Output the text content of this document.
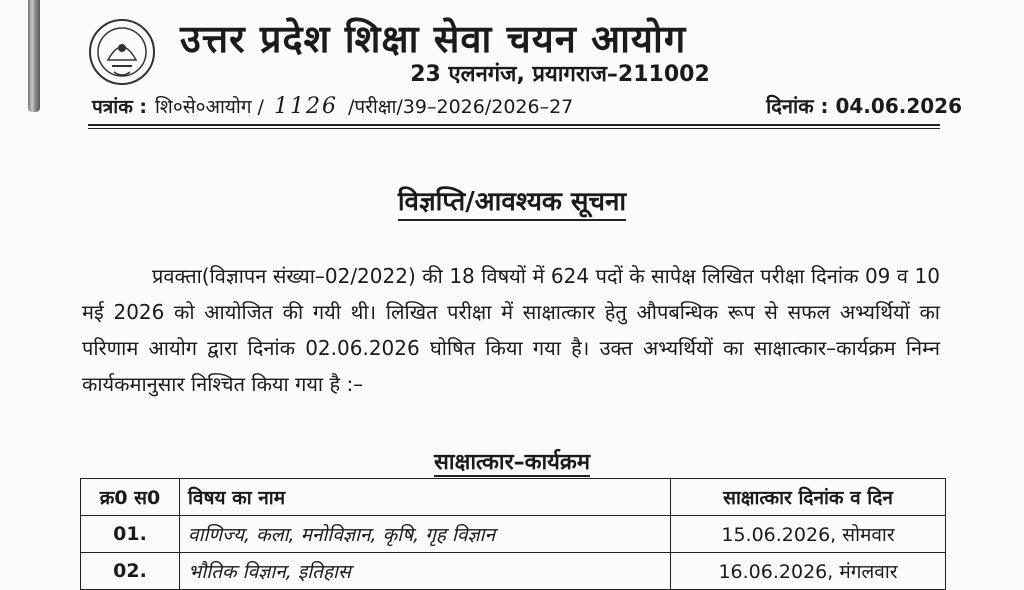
उत्तर प्रदेश शिक्षा सेवा चयन आयोग
23 एलनगंज, प्रयागराज–211002
पत्रांक : शि०से०आयोग / 1126 /परीक्षा/39–2026/2026–27	दिनांक : 04.06.2026
विज्ञप्ति/आवश्यक सूचना
प्रवक्ता(विज्ञापन संख्या–02/2022) की 18 विषयों में 624 पदों के सापेक्ष लिखित परीक्षा दिनांक 09 व 10 मई 2026 को आयोजित की गयी थी। लिखित परीक्षा में साक्षात्कार हेतु औपबन्धिक रूप से सफल अभ्यर्थियों का परिणाम आयोग द्वारा दिनांक 02.06.2026 घोषित किया गया है। उक्त अभ्यर्थियों का साक्षात्कार–कार्यक्रम निम्न कार्यकमानुसार निश्चित किया गया है :–
साक्षात्कार–कार्यक्रम
क्र0 स0	विषय का नाम	साक्षात्कार दिनांक व दिन
01.	वाणिज्य, कला, मनोविज्ञान, कृषि, गृह विज्ञान	15.06.2026, सोमवार
02.	भौतिक विज्ञान, इतिहास	16.06.2026, मंगलवार
